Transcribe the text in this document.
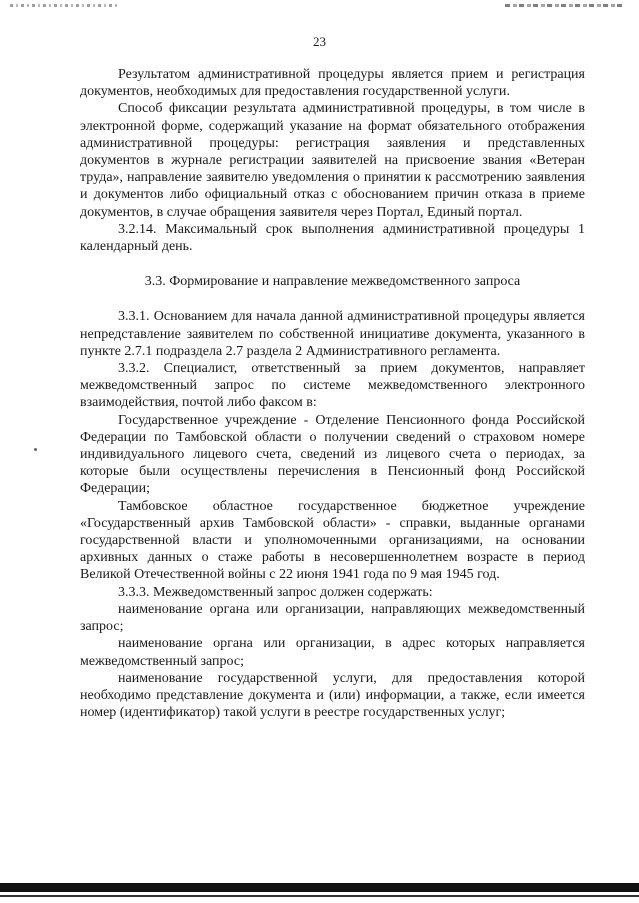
23

Результатом административной процедуры является прием и регистрация документов, необходимых для предоставления государственной услуги.

Способ фиксации результата административной процедуры, в том числе в электронной форме, содержащий указание на формат обязательного отображения административной процедуры: регистрация заявления и представленных документов в журнале регистрации заявителей на присвоение звания «Ветеран труда», направление заявителю уведомления о принятии к рассмотрению заявления и документов либо официальный отказ с обоснованием причин отказа в приеме документов, в случае обращения заявителя через Портал, Единый портал.

3.2.14. Максимальный срок выполнения административной процедуры 1 календарный день.

3.3. Формирование и направление межведомственного запроса

3.3.1. Основанием для начала данной административной процедуры является непредставление заявителем по собственной инициативе документа, указанного в пункте 2.7.1 подраздела 2.7 раздела 2 Административного регламента.

3.3.2. Специалист, ответственный за прием документов, направляет межведомственный запрос по системе межведомственного электронного взаимодействия, почтой либо факсом в:

Государственное учреждение - Отделение Пенсионного фонда Российской Федерации по Тамбовской области о получении сведений о страховом номере индивидуального лицевого счета, сведений из лицевого счета о периодах, за которые были осуществлены перечисления в Пенсионный фонд Российской Федерации;

Тамбовское областное государственное бюджетное учреждение «Государственный архив Тамбовской области» - справки, выданные органами государственной власти и уполномоченными организациями, на основании архивных данных о стаже работы в несовершеннолетнем возрасте в период Великой Отечественной войны с 22 июня 1941 года по 9 мая 1945 год.

3.3.3. Межведомственный запрос должен содержать:

наименование органа или организации, направляющих межведомственный запрос;

наименование органа или организации, в адрес которых направляется межведомственный запрос;

наименование государственной услуги, для предоставления которой необходимо представление документа и (или) информации, а также, если имеется номер (идентификатор) такой услуги в реестре государственных услуг;
